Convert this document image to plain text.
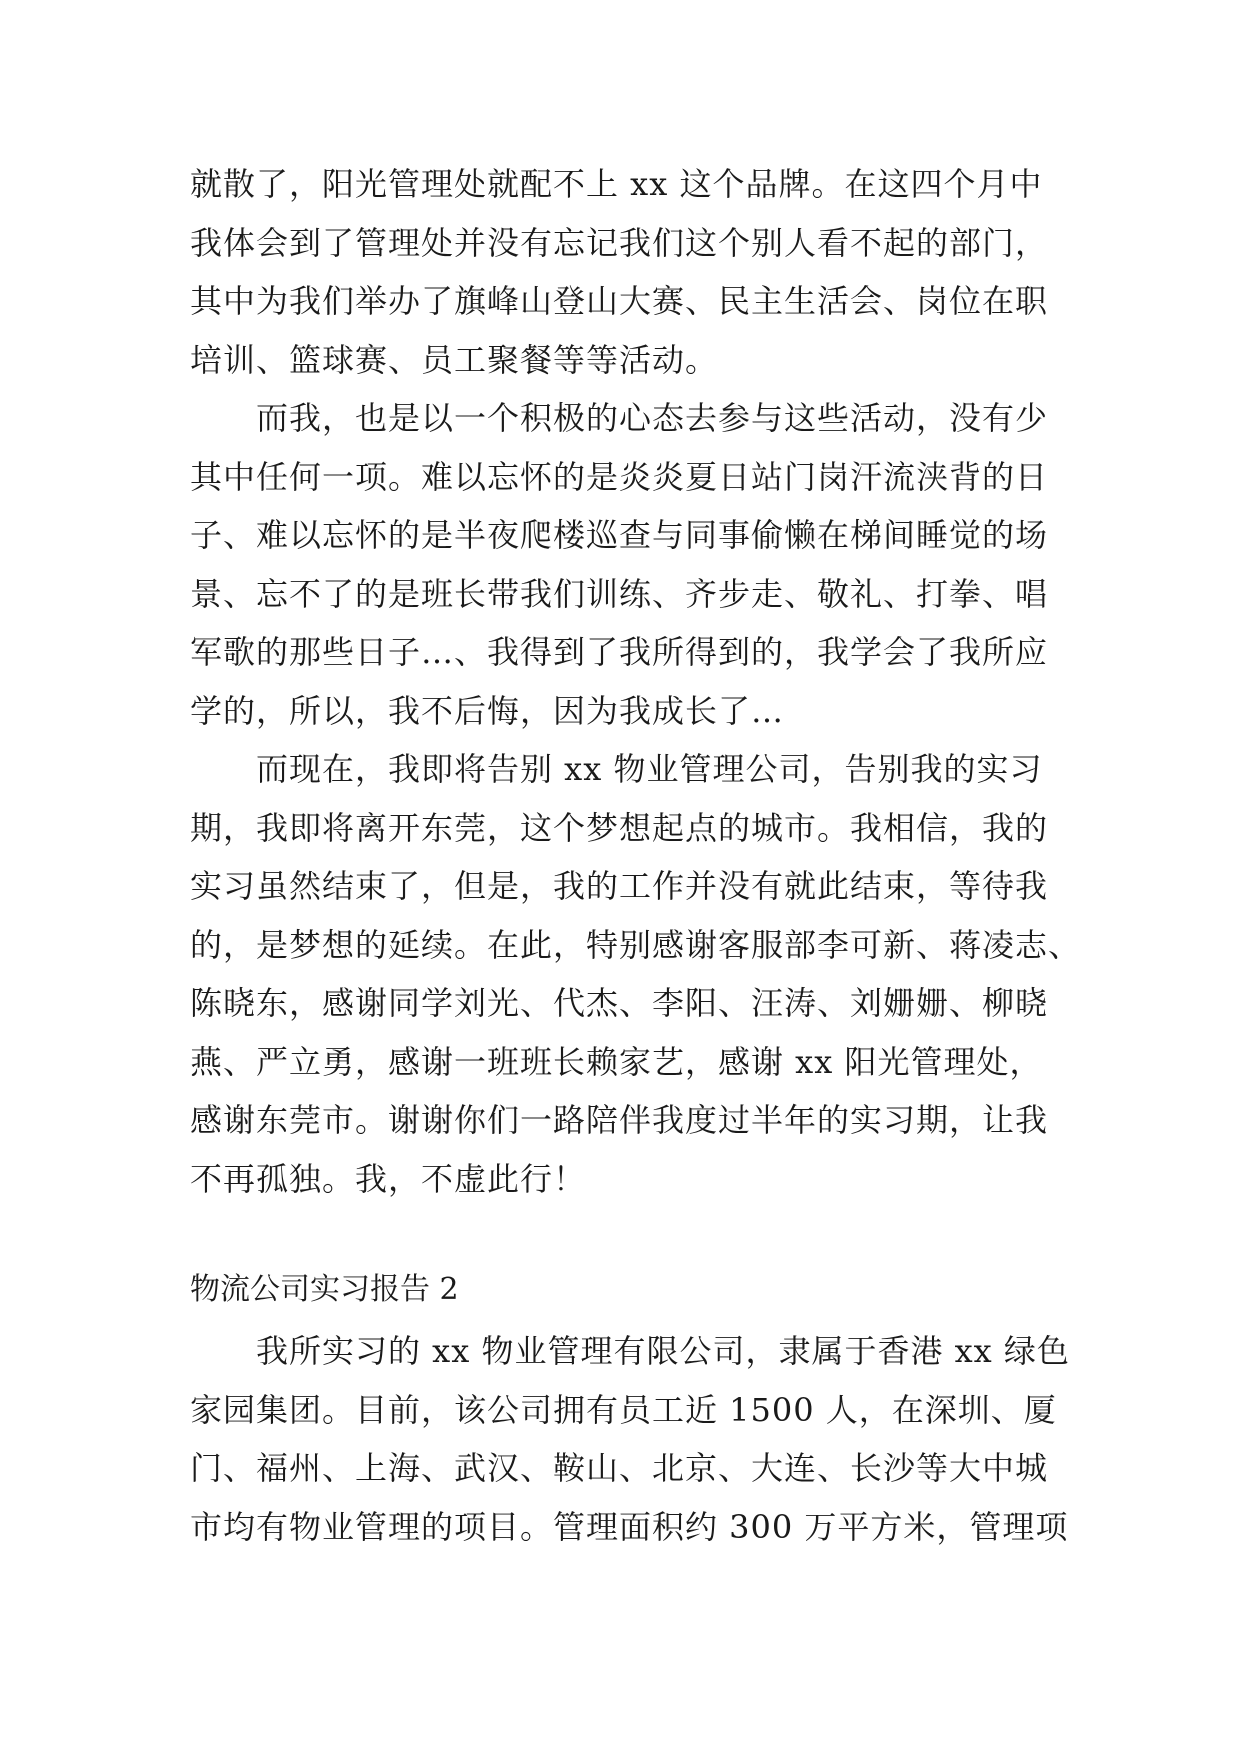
就散了，阳光管理处就配不上 xx 这个品牌。在这四个月中
我体会到了管理处并没有忘记我们这个别人看不起的部门，
其中为我们举办了旗峰山登山大赛、民主生活会、岗位在职
培训、篮球赛、员工聚餐等等活动。
而我，也是以一个积极的心态去参与这些活动，没有少
其中任何一项。难以忘怀的是炎炎夏日站门岗汗流浃背的日
子、难以忘怀的是半夜爬楼巡查与同事偷懒在梯间睡觉的场
景、忘不了的是班长带我们训练、齐步走、敬礼、打拳、唱
军歌的那些日子…、我得到了我所得到的，我学会了我所应
学的，所以，我不后悔，因为我成长了…
而现在，我即将告别 xx 物业管理公司，告别我的实习
期，我即将离开东莞，这个梦想起点的城市。我相信，我的
实习虽然结束了，但是，我的工作并没有就此结束，等待我
的，是梦想的延续。在此，特别感谢客服部李可新、蒋凌志、
陈晓东，感谢同学刘光、代杰、李阳、汪涛、刘姗姗、柳晓
燕、严立勇，感谢一班班长赖家艺，感谢 xx 阳光管理处，
感谢东莞市。谢谢你们一路陪伴我度过半年的实习期，让我
不再孤独。我，不虚此行！
物流公司实习报告 2
我所实习的 xx 物业管理有限公司，隶属于香港 xx 绿色
家园集团。目前，该公司拥有员工近 1500 人，在深圳、厦
门、福州、上海、武汉、鞍山、北京、大连、长沙等大中城
市均有物业管理的项目。管理面积约 300 万平方米，管理项
